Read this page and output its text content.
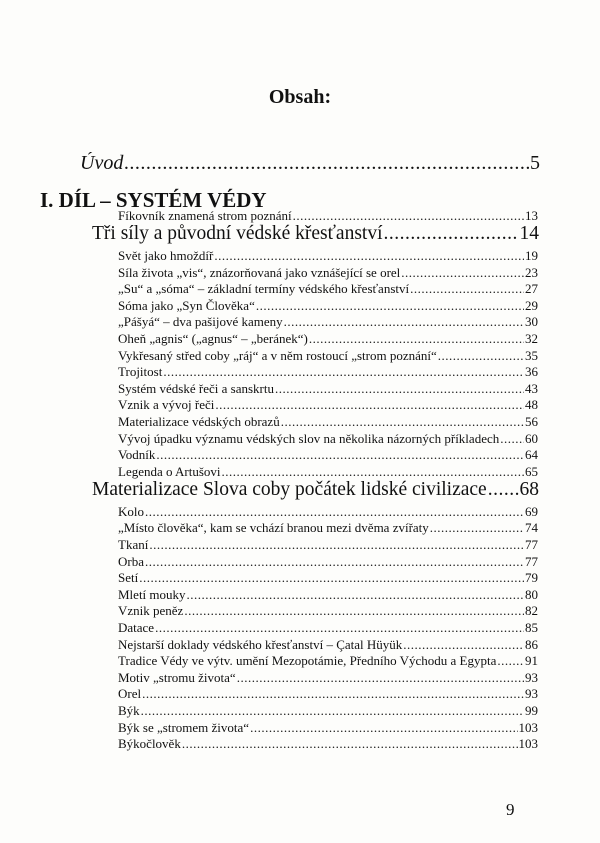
Obsah:
Úvod .....	5
I. DÍL – SYSTÉM VÉDY
Fíkovník znamená strom poznání .....	13
Tři síly a původní védské křesťanství .....	14
Svět jako hmoždíř .....	19
Síla života „vis“, znázorňovaná jako vznášející se orel .....	23
„Su“ a „sóma“ – základní termíny védského křesťanství .....	27
Sóma jako „Syn Člověka“ .....	29
„Pášyá“ – dva pašijové kameny .....	30
Oheň „agnis“ („agnus“ – „beránek“) .....	32
Vykřesaný střed coby „ráj“ a v něm rostoucí „strom poznání“ .....	35
Trojitost .....	36
Systém védské řeči a sanskrtu .....	43
Vznik a vývoj řeči .....	48
Materializace védských obrazů .....	56
Vývoj úpadku významu védských slov na několika názorných příkladech ..... 60
Vodník .....	64
Legenda o Artušovi .....	65
Materializace Slova coby počátek lidské civilizace ..... 68
Kolo .....	69
„Místo člověka“, kam se vchází branou mezi dvěma zvířaty .....	74
Tkaní .....	77
Orba .....	77
Setí .....	79
Mletí mouky .....	80
Vznik peněz .....	82
Datace .....	85
Nejstarší doklady védského křesťanství – Çatal Hüyük .....	86
Tradice Védy ve výtv. umění Mezopotámie, Předního Východu a Egypta ..... 91
Motiv „stromu života“ .....	93
Orel .....	93
Býk .....	99
Býk se „stromem života“ .....	103
Býkočlověk .....	103
9
